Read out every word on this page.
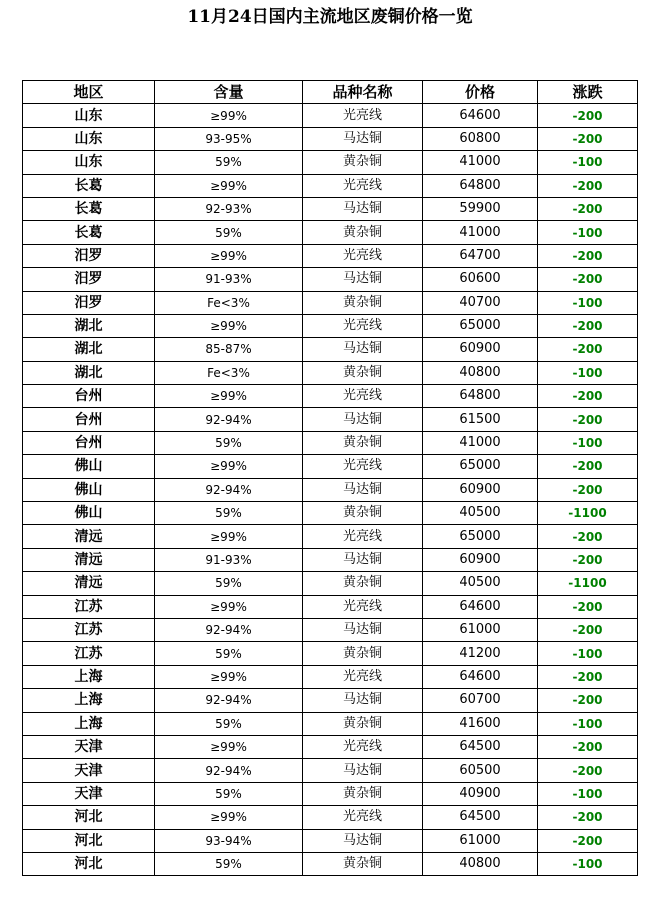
11月24日国内主流地区废铜价格一览
地区	含量	品种名称	价格	涨跌
山东	≥99%	光亮线	64600	-200
山东	93-95%	马达铜	60800	-200
山东	59%	黄杂铜	41000	-100
长葛	≥99%	光亮线	64800	-200
长葛	92-93%	马达铜	59900	-200
长葛	59%	黄杂铜	41000	-100
汨罗	≥99%	光亮线	64700	-200
汨罗	91-93%	马达铜	60600	-200
汨罗	Fe<3%	黄杂铜	40700	-100
湖北	≥99%	光亮线	65000	-200
湖北	85-87%	马达铜	60900	-200
湖北	Fe<3%	黄杂铜	40800	-100
台州	≥99%	光亮线	64800	-200
台州	92-94%	马达铜	61500	-200
台州	59%	黄杂铜	41000	-100
佛山	≥99%	光亮线	65000	-200
佛山	92-94%	马达铜	60900	-200
佛山	59%	黄杂铜	40500	-1100
清远	≥99%	光亮线	65000	-200
清远	91-93%	马达铜	60900	-200
清远	59%	黄杂铜	40500	-1100
江苏	≥99%	光亮线	64600	-200
江苏	92-94%	马达铜	61000	-200
江苏	59%	黄杂铜	41200	-100
上海	≥99%	光亮线	64600	-200
上海	92-94%	马达铜	60700	-200
上海	59%	黄杂铜	41600	-100
天津	≥99%	光亮线	64500	-200
天津	92-94%	马达铜	60500	-200
天津	59%	黄杂铜	40900	-100
河北	≥99%	光亮线	64500	-200
河北	93-94%	马达铜	61000	-200
河北	59%	黄杂铜	40800	-100
